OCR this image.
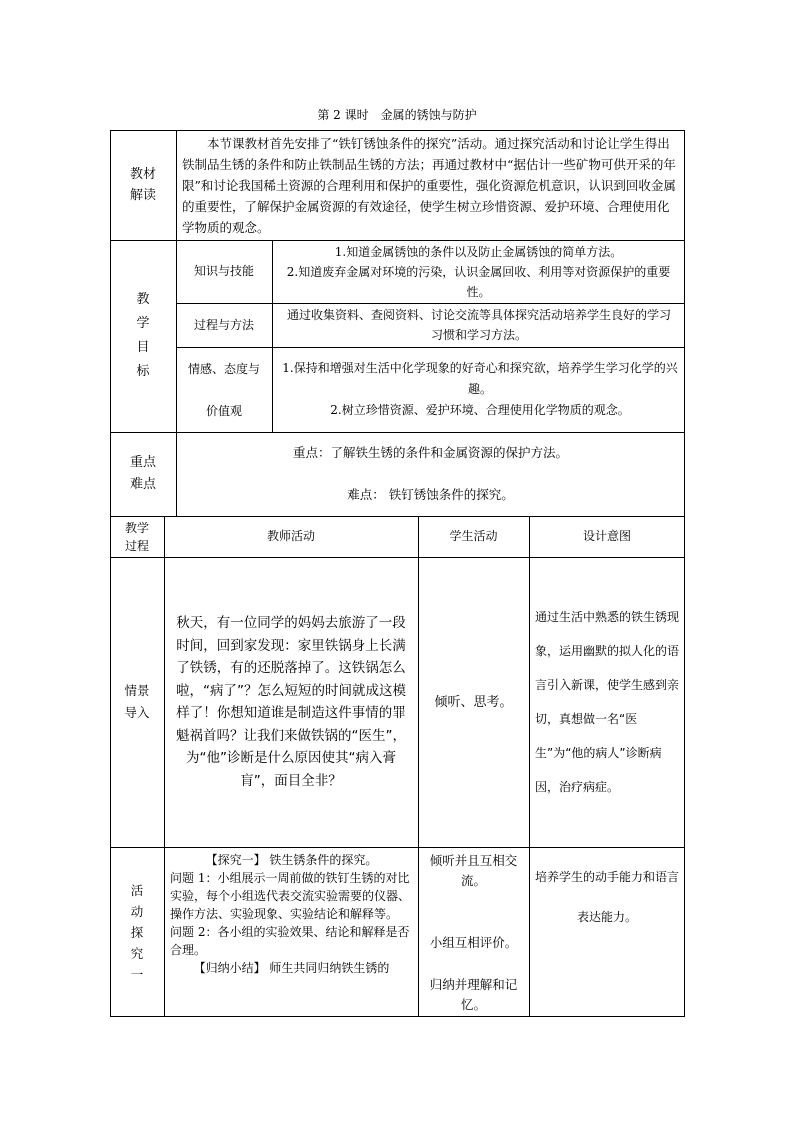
第 2 课时　金属的锈蚀与防护
教材
解读

本节课教材首先安排了“铁钉锈蚀条件的探究”活动。通过探究活动和讨论让学生得出铁制品生锈的条件和防止铁制品生锈的方法；再通过教材中“据估计一些矿物可供开采的年限”和讨论我国稀土资源的合理利用和保护的重要性，强化资源危机意识，认识到回收金属的重要性，了解保护金属资源的有效途径，使学生树立珍惜资源、爱护环境、合理使用化学物质的观念。

教
学
目
标
知识与技能

1.知道金属锈蚀的条件以及防止金属锈蚀的简单方法。

2.知道废弃金属对环境的污染，认识金属回收、利用等对资源保护的重要性。

过程与方法

通过收集资料、查阅资料、讨论交流等具体探究活动培养学生良好的学习习惯和学习方法。

情感、态度与

价值观

1.保持和增强对生活中化学现象的好奇心和探究欲，培养学生学习化学的兴趣。

2.树立珍惜资源、爱护环境、合理使用化学物质的观念。

重点
难点
重点：了解铁生锈的条件和金属资源的保护方法。
难点： 铁钉锈蚀条件的探究。
教学
过程
教师活动	学生活动	设计意图
情景
导入

秋天，有一位同学的妈妈去旅游了一段时间，回到家发现：家里铁锅身上长满了铁锈，有的还脱落掉了。这铁锅怎么啦，“病了”？怎么短短的时间就成这模样了！你想知道谁是制造这件事情的罪魁祸首吗？让我们来做铁锅的“医生”，为“他”诊断是什么原因使其“病入膏肓”，面目全非？

倾听、思考。

通过生活中熟悉的铁生锈现象，运用幽默的拟人化的语言引入新课，使学生感到亲切，真想做一名“医生”为“他的病人”诊断病因，治疗病症。

活
动
探
究
一

【探究一】 铁生锈条件的探究。

问题 1：小组展示一周前做的铁钉生锈的对比实验，每个小组选代表交流实验需要的仪器、操作方法、实验现象、实验结论和解释等。

问题 2：各小组的实验效果、结论和解释是否合理。

【归纳小结】 师生共同归纳铁生锈的

倾听并且互相交流。

小组互相评价。

归纳并理解和记忆。

培养学生的动手能力和语言表达能力。
